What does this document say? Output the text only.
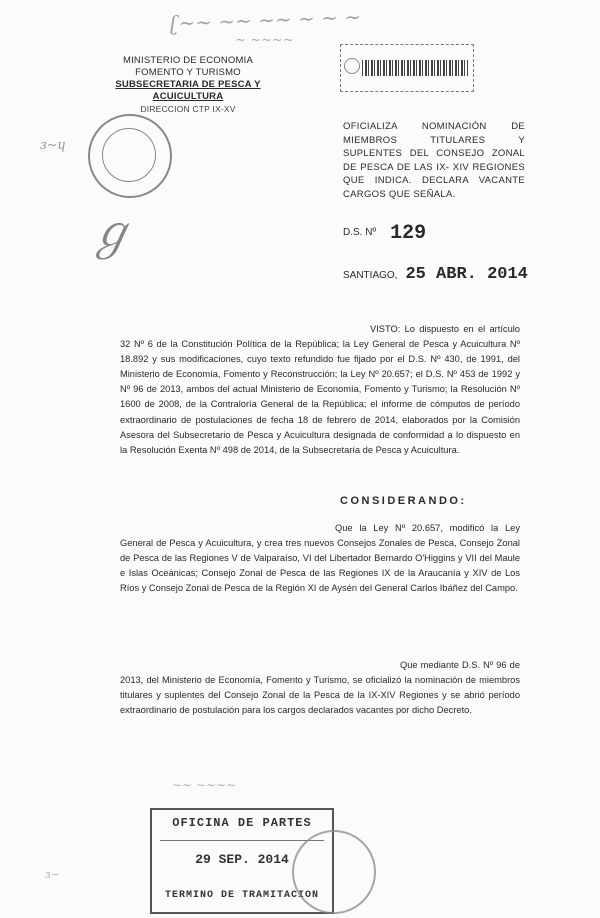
ʗ∼∼ ∼∼ ∼∼ ∼ ∼ ∼
∼ ∼∼∼∼
ɜ∼ɥ
ℊ
∼∼ ∼∼∼∼
ɜ∼
MINISTERIO DE ECONOMIA
FOMENTO Y TURISMO
SUBSECRETARIA DE PESCA Y ACUICULTURA
DIRECCION CTP IX-XV
OFICIALIZA NOMINACIÓN DE MIEMBROS TITULARES Y SUPLENTES DEL CONSEJO ZONAL DE PESCA DE LAS IX- XIV REGIONES QUE INDICA. DECLARA VACANTE CARGOS QUE SEÑALA.
D.S. Nº 129
SANTIAGO, 25 ABR. 2014
VISTO: Lo dispuesto en el artículo 32 Nº 6 de la Constitución Política de la República; la Ley General de Pesca y Acuicultura Nº 18.892 y sus modificaciones, cuyo texto refundido fue fijado por el D.S. Nº 430, de 1991, del Ministerio de Economía, Fomento y Reconstrucción; la Ley Nº 20.657; el D.S. Nº 453 de 1992 y Nº 96 de 2013, ambos del actual Ministerio de Economía, Fomento y Turismo; la Resolución Nº 1600 de 2008, de la Contraloría General de la República; el informe de cómputos de período extraordinario de postulaciones de fecha 18 de febrero de 2014, elaborados por la Comisión Asesora del Subsecretario de Pesca y Acuicultura designada de conformidad a lo dispuesto en la Resolución Exenta Nº 498 de 2014, de la Subsecretaría de Pesca y Acuicultura.
CONSIDERANDO:
Que la Ley Nº 20.657, modificó la Ley General de Pesca y Acuicultura, y crea tres nuevos Consejos Zonales de Pesca, Consejo Zonal de Pesca de las Regiones V de Valparaíso, VI del Libertador Bernardo O'Higgins y VII del Maule e Islas Oceánicas; Consejo Zonal de Pesca de las Regiones IX de la Araucanía y XIV de Los Ríos y Consejo Zonal de Pesca de la Región XI de Aysén del General Carlos Ibáñez del Campo.
Que mediante D.S. Nº 96 de 2013, del Ministerio de Economía, Fomento y Turismo, se oficializó la nominación de miembros titulares y suplentes del Consejo Zonal de la Pesca de la IX-XIV Regiones y se abrió período extraordinario de postulación para los cargos declarados vacantes por dicho Decreto.
OFICINA DE PARTES
29 SEP. 2014
TERMINO DE TRAMITACION
